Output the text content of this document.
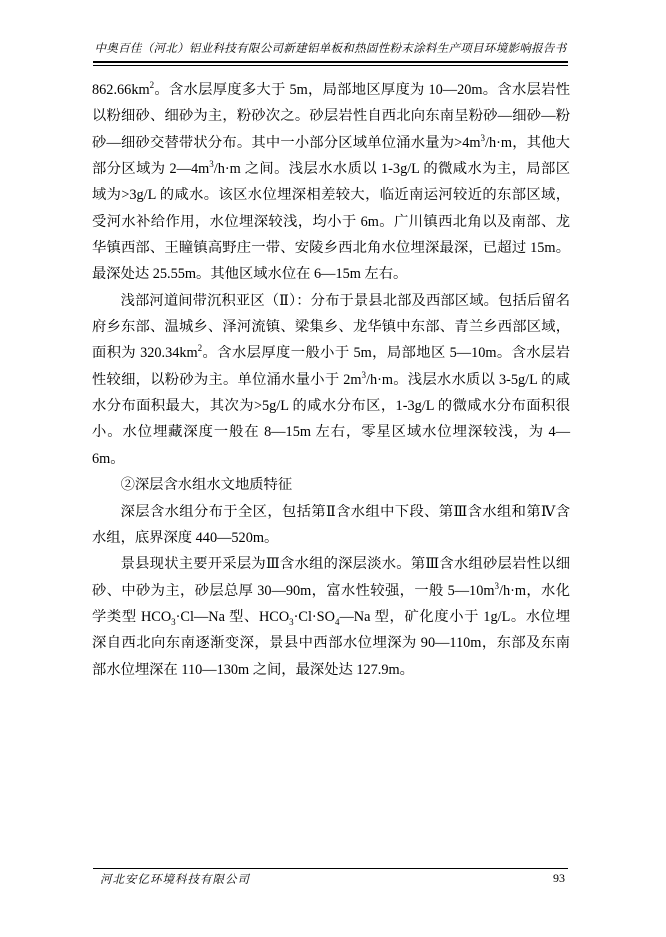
中奥百佳（河北）铝业科技有限公司新建铝单板和热固性粉末涂料生产项目环境影响报告书

$862.66km^2$。含水层厚度多大于 5m，局部地区厚度为 10—20m。含水层岩性以粉细砂、细砂为主，粉砂次之。砂层岩性自西北向东南呈粉砂—细砂—粉砂—细砂交替带状分布。其中一小部分区域单位涌水量为$>4m^3/h\cdot m$，其他大部分区域为 $2—4m^3/h\cdot m$ 之间。浅层水水质以 1-3g/L 的微咸水为主，局部区域为>3g/L 的咸水。该区水位埋深相差较大，临近南运河较近的东部区域，受河水补给作用，水位埋深较浅，均小于 6m。广川镇西北角以及南部、龙华镇西部、王瞳镇高野庄一带、安陵乡西北角水位埋深最深，已超过 15m。最深处达 25.55m。其他区域水位在 6—15m 左右。

浅部河道间带沉积亚区（Ⅱ）：分布于景县北部及西部区域。包括后留名府乡东部、温城乡、泽河流镇、梁集乡、龙华镇中东部、青兰乡西部区域，面积为 $320.34km^2$。含水层厚度一般小于 5m，局部地区 5—10m。含水层岩性较细，以粉砂为主。单位涌水量小于 $2m^3/h\cdot m$。浅层水水质以 3-5g/L 的咸水分布面积最大，其次为>5g/L 的咸水分布区，1-3g/L 的微咸水分布面积很小。水位埋藏深度一般在 8—15m 左右，零星区域水位埋深较浅，为 4—6m。

②深层含水组水文地质特征

深层含水组分布于全区，包括第Ⅱ含水组中下段、第Ⅲ含水组和第Ⅳ含水组，底界深度 440—520m。

景县现状主要开采层为Ⅲ含水组的深层淡水。第Ⅲ含水组砂层岩性以细砂、中砂为主，砂层总厚 30—90m，富水性较强，一般 $5—10m^3/h\cdot m$，水化学类型 $HCO_3\cdot Cl—Na$ 型、$HCO_3\cdot Cl\cdot SO_4—Na$ 型，矿化度小于 1g/L。水位埋深自西北向东南逐渐变深，景县中西部水位埋深为 90—110m，东部及东南部水位埋深在 110—130m 之间，最深处达 127.9m。

河北安亿环境科技有限公司	93
